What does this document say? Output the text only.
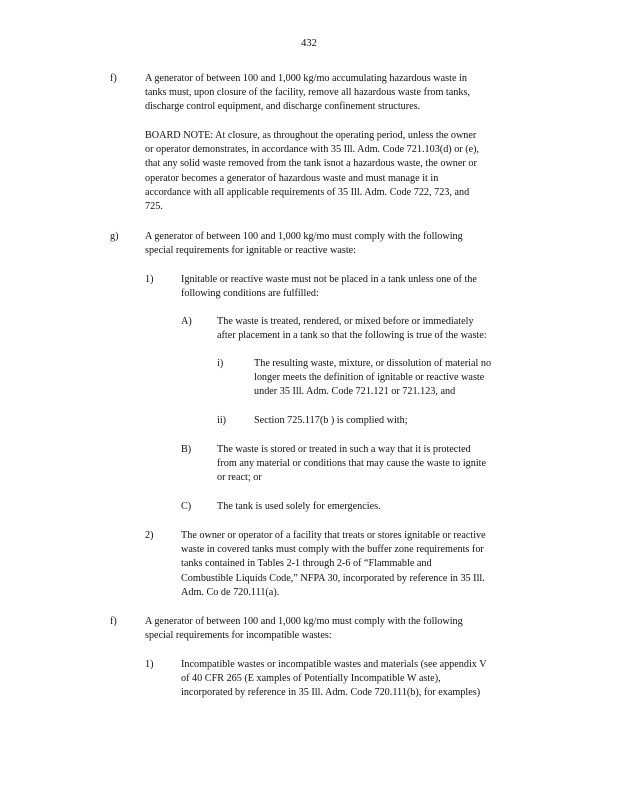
432
f)	A generator of between 100 and 1,000 kg/mo accumulating hazardous waste in
tanks must, upon closure of the facility, remove all hazardous waste from tanks,
discharge control equipment, and discharge confinement structures.
BOARD NOTE: At closure, as throughout the operating period, unless the owner
or operator demonstrates, in accordance with 35 Ill. Adm. Code 721.103(d) or (e),
that any solid waste removed from the tank isnot a hazardous waste, the owner or
operator becomes a generator of hazardous waste and must manage it in
accordance with all applicable requirements of 35 Ill. Adm. Code 722, 723, and
725.
g)	A generator of between 100 and 1,000 kg/mo must comply with the following
special requirements for ignitable or reactive waste:
1)	Ignitable or reactive waste must not be placed in a tank unless one of the
following conditions are fulfilled:
A) The waste is treated, rendered, or mixed before or immediately
after placement in a tank so that the following is true of the waste:
i)	The resulting waste, mixture, or dissolution of material no
longer meets the definition of ignitable or reactive waste
under 35 Ill. Adm. Code 721.121 or 721.123, and
ii)	Section 725.117(b ) is complied with;
B)	The waste is stored or treated in such a way that it is protected
from any material or conditions that may cause the waste to ignite
or react; or
C)	The tank is used solely for emergencies.
2)	The owner or operator of a facility that treats or stores ignitable or reactive
waste in covered tanks must comply with the buffer zone requirements for
tanks contained in Tables 2-1 through 2-6 of “Flammable and
Combustible Liquids Code,” NFPA 30, incorporated by reference in 35 Ill.
Adm. Co de 720.111(a).
f)	A generator of between 100 and 1,000 kg/mo must comply with the following
special requirements for incompatible wastes:
1)	Incompatible wastes or incompatible wastes and materials (see appendix V
of 40 CFR 265 (E xamples of Potentially Incompatible W aste),
incorporated by reference in 35 Ill. Adm. Code 720.111(b), for examples)
